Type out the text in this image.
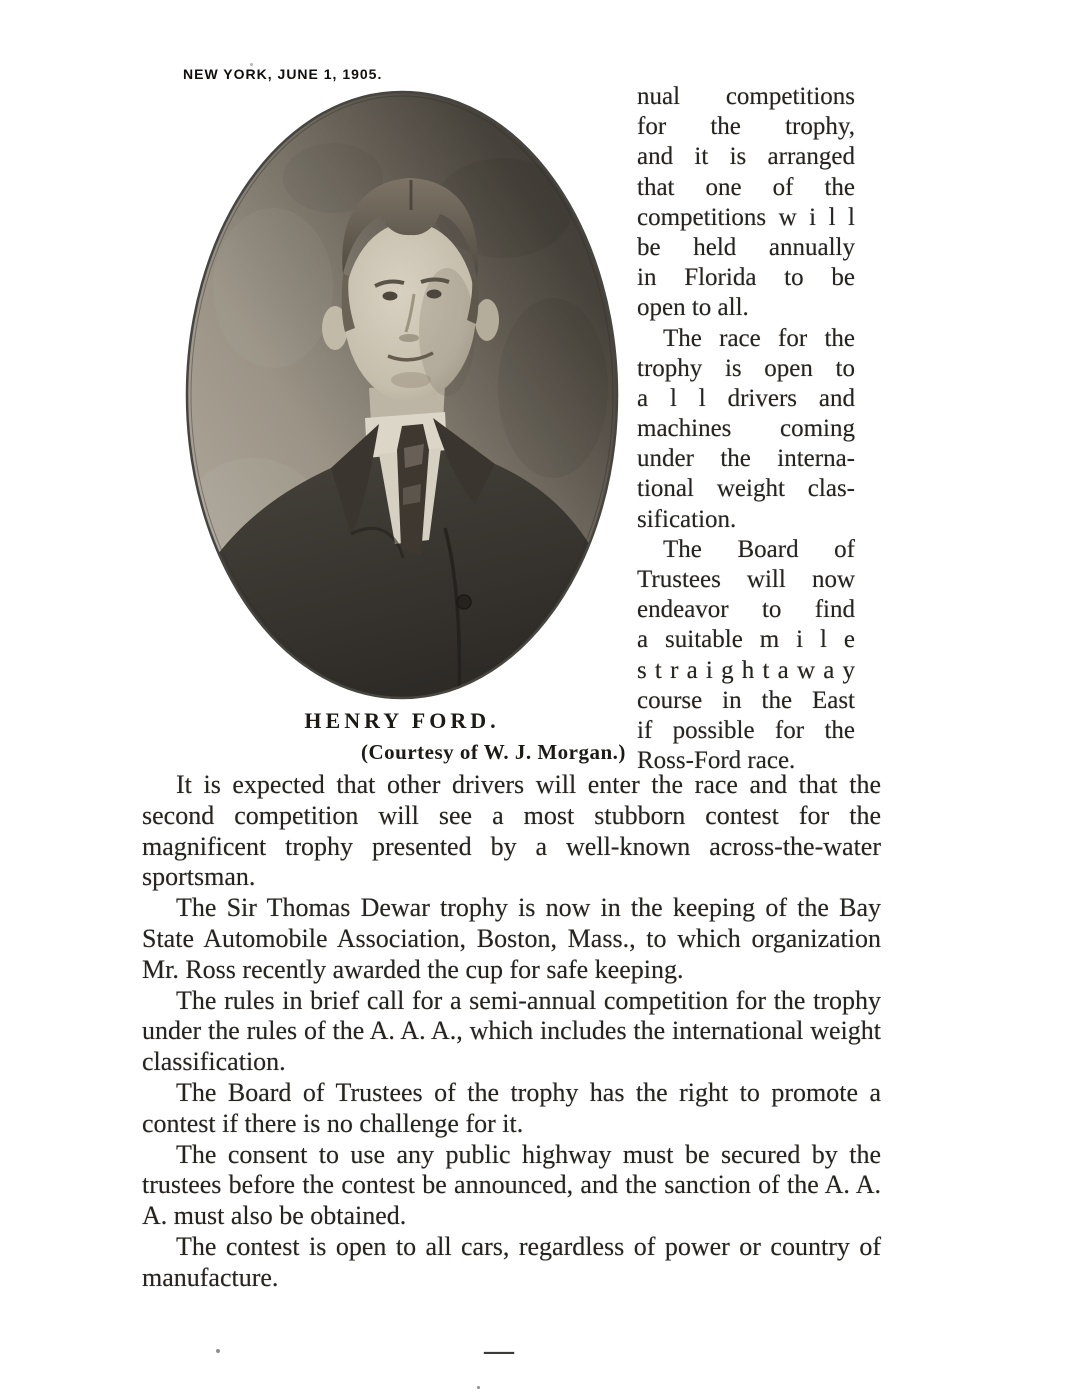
NEW YORK, JUNE 1, 1905.
nual competitions
for the trophy,
and it is arranged
that one of the
competitions w i l l
be held annually
in Florida to be
open to all.
The race for the
trophy is open to
a l l drivers and
machines coming
under the interna-
tional weight clas-
sification.
The Board of
Trustees will now
endeavor to find
a suitable m i l e
s t r a i g h t a w a y
course in the East
if possible for the
Ross-Ford race.
HENRY FORD.
(Courtesy of W. J. Morgan.)

It is expected that other drivers will enter the race and that the second competition will see a most stubborn contest for the magnificent trophy presented by a well-known across-the-water sportsman.

The Sir Thomas Dewar trophy is now in the keeping of the Bay State Automobile Association, Boston, Mass., to which organization Mr. Ross recently awarded the cup for safe keeping.

The rules in brief call for a semi-annual competition for the trophy under the rules of the A. A. A., which includes the international weight classification.

The Board of Trustees of the trophy has the right to promote a contest if there is no challenge for it.

The consent to use any public highway must be secured by the trustees before the contest be announced, and the sanction of the A. A. A. must also be obtained.

The contest is open to all cars, regardless of power or country of manufacture.

—
